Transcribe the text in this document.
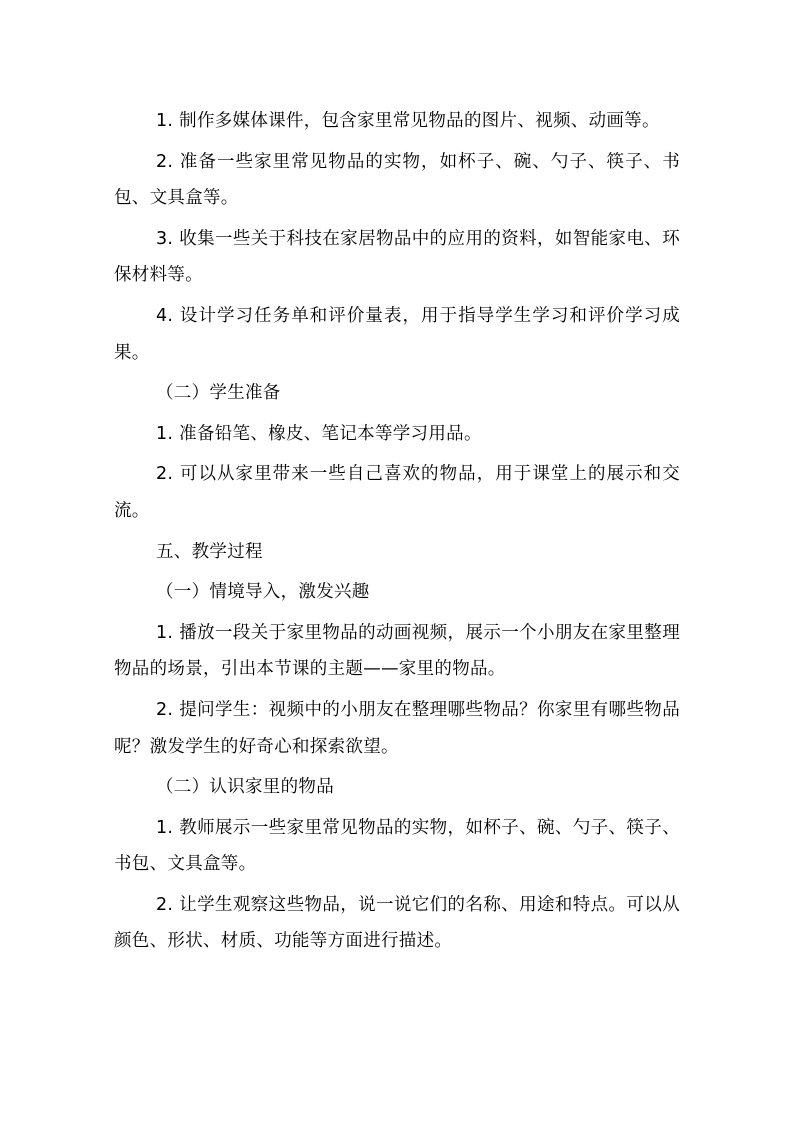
1. 制作多媒体课件，包含家里常见物品的图片、视频、动画等。

2. 准备一些家里常见物品的实物，如杯子、碗、勺子、筷子、书包、文具盒等。

3. 收集一些关于科技在家居物品中的应用的资料，如智能家电、环保材料等。

4. 设计学习任务单和评价量表，用于指导学生学习和评价学习成果。

（二）学生准备

1. 准备铅笔、橡皮、笔记本等学习用品。

2. 可以从家里带来一些自己喜欢的物品，用于课堂上的展示和交流。

五、教学过程

（一）情境导入，激发兴趣

1. 播放一段关于家里物品的动画视频，展示一个小朋友在家里整理物品的场景，引出本节课的主题——家里的物品。

2. 提问学生：视频中的小朋友在整理哪些物品？你家里有哪些物品呢？激发学生的好奇心和探索欲望。

（二）认识家里的物品

1. 教师展示一些家里常见物品的实物，如杯子、碗、勺子、筷子、书包、文具盒等。

2. 让学生观察这些物品，说一说它们的名称、用途和特点。可以从颜色、形状、材质、功能等方面进行描述。
